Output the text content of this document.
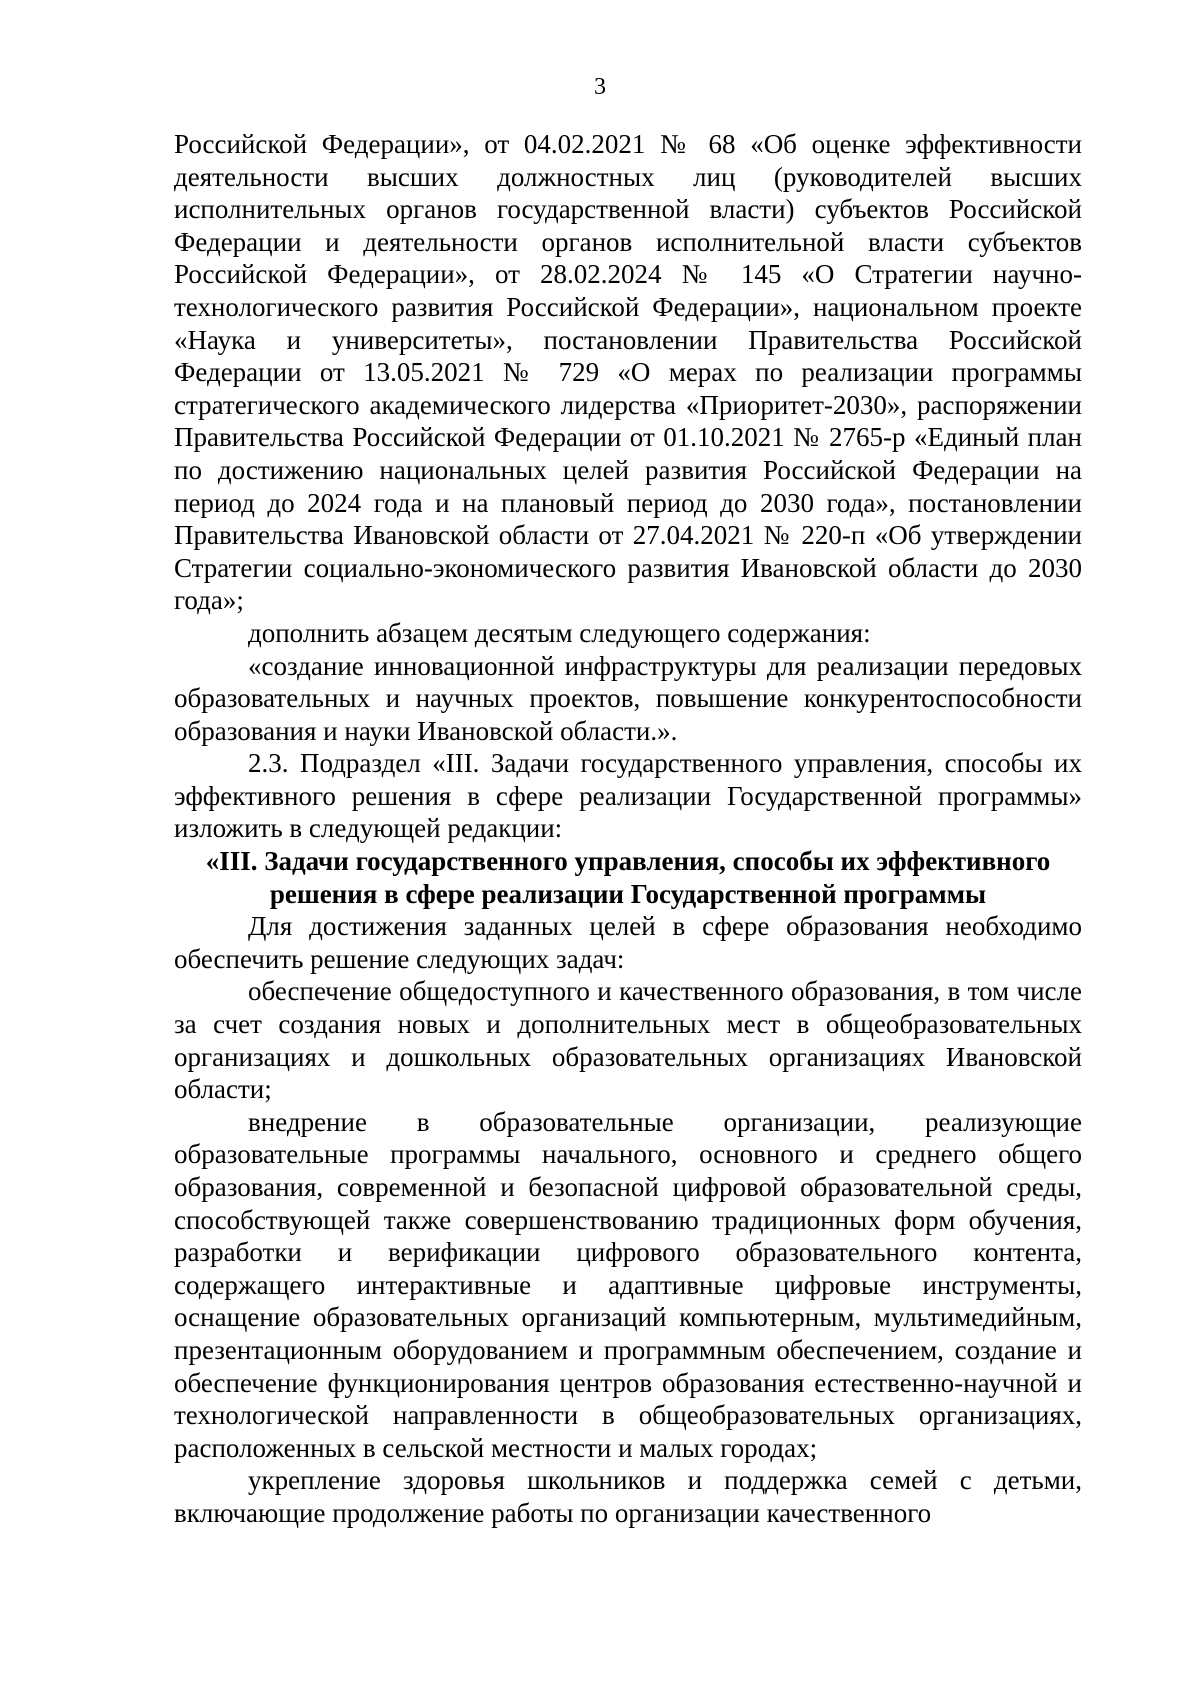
3

Российской Федерации», от 04.02.2021 № 68 «Об оценке эффективности деятельности высших должностных лиц (руководителей высших исполнительных органов государственной власти) субъектов Российской Федерации и деятельности органов исполнительной власти субъектов Российской Федерации», от 28.02.2024 № 145 «О Стратегии научно-технологического развития Российской Федерации», национальном проекте «Наука и университеты», постановлении Правительства Российской Федерации от 13.05.2021 № 729 «О мерах по реализации программы стратегического академического лидерства «Приоритет-2030», распоряжении Правительства Российской Федерации от 01.10.2021 № 2765-р «Единый план по достижению национальных целей развития Российской Федерации на период до 2024 года и на плановый период до 2030 года», постановлении Правительства Ивановской области от 27.04.2021 № 220-п «Об утверждении Стратегии социально-экономического развития Ивановской области до 2030 года»;

дополнить абзацем десятым следующего содержания:

«создание инновационной инфраструктуры для реализации передовых образовательных и научных проектов, повышение конкурентоспособности образования и науки Ивановской области.».

2.3. Подраздел «III. Задачи государственного управления, способы их эффективного решения в сфере реализации Государственной программы» изложить в следующей редакции:

«III. Задачи государственного управления, способы их эффективного решения в сфере реализации Государственной программы

Для достижения заданных целей в сфере образования необходимо обеспечить решение следующих задач:

обеспечение общедоступного и качественного образования, в том числе за счет создания новых и дополнительных мест в общеобразовательных организациях и дошкольных образовательных организациях Ивановской области;

внедрение в образовательные организации, реализующие образовательные программы начального, основного и среднего общего образования, современной и безопасной цифровой образовательной среды, способствующей также совершенствованию традиционных форм обучения, разработки и верификации цифрового образовательного контента, содержащего интерактивные и адаптивные цифровые инструменты, оснащение образовательных организаций компьютерным, мультимедийным, презентационным оборудованием и программным обеспечением, создание и обеспечение функционирования центров образования естественно-научной и технологической направленности в общеобразовательных организациях, расположенных в сельской местности и малых городах;

укрепление здоровья школьников и поддержка семей с детьми, включающие продолжение работы по организации качественного
